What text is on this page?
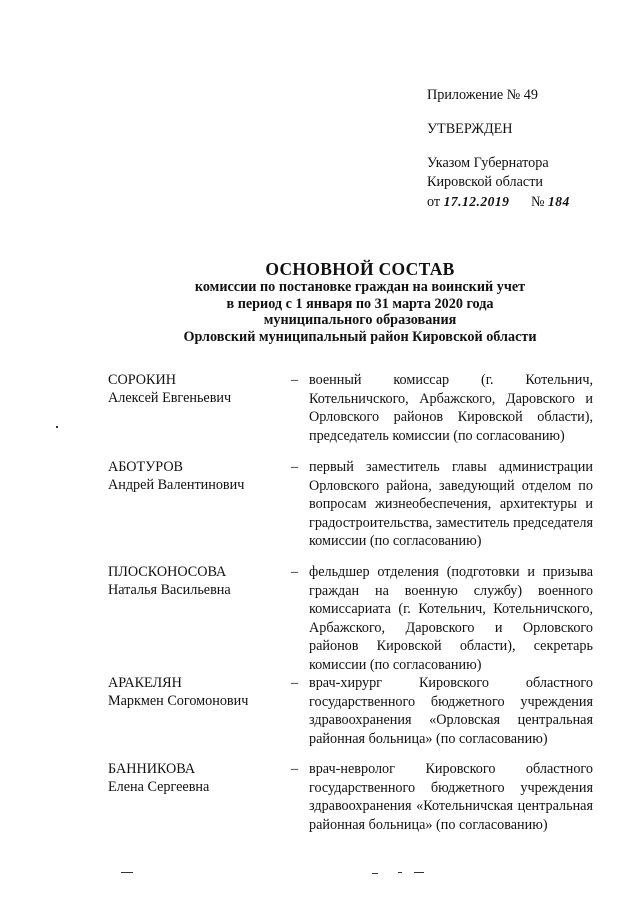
Приложение № 49
УТВЕРЖДЕН
Указом Губернатора
Кировской области
от 17.12.2019 № 184
ОСНОВНОЙ СОСТАВ
комиссии по постановке граждан на воинский учет
в период с 1 января по 31 марта 2020 года
муниципального образования
Орловский муниципальный район Кировской области
СОРОКИН
Алексей Евгеньевич
– военный комиссар (г. Котельнич, Котельничского, Арбажского, Даровского и Орловского районов Кировской области), председатель комиссии (по согласованию)
АБОТУРОВ
Андрей Валентинович
– первый заместитель главы администрации Орловского района, заведующий отделом по вопросам жизнеобеспечения, архитектуры и градостроительства, заместитель председателя комиссии (по согласованию)
ПЛОСКОНОСОВА
Наталья Васильевна
– фельдшер отделения (подготовки и призыва граждан на военную службу) военного комиссариата (г. Котельнич, Котельничского, Арбажского, Даровского и Орловского районов Кировской области), секретарь комиссии (по согласованию)
АРАКЕЛЯН
Маркмен Согомонович
– врач-хирург Кировского областного государственного бюджетного учреждения здравоохранения «Орловская центральная районная больница» (по согласованию)
БАННИКОВА
Елена Сергеевна
– врач-невролог Кировского областного государственного бюджетного учреждения здравоохранения «Котельничская центральная районная больница» (по согласованию)
